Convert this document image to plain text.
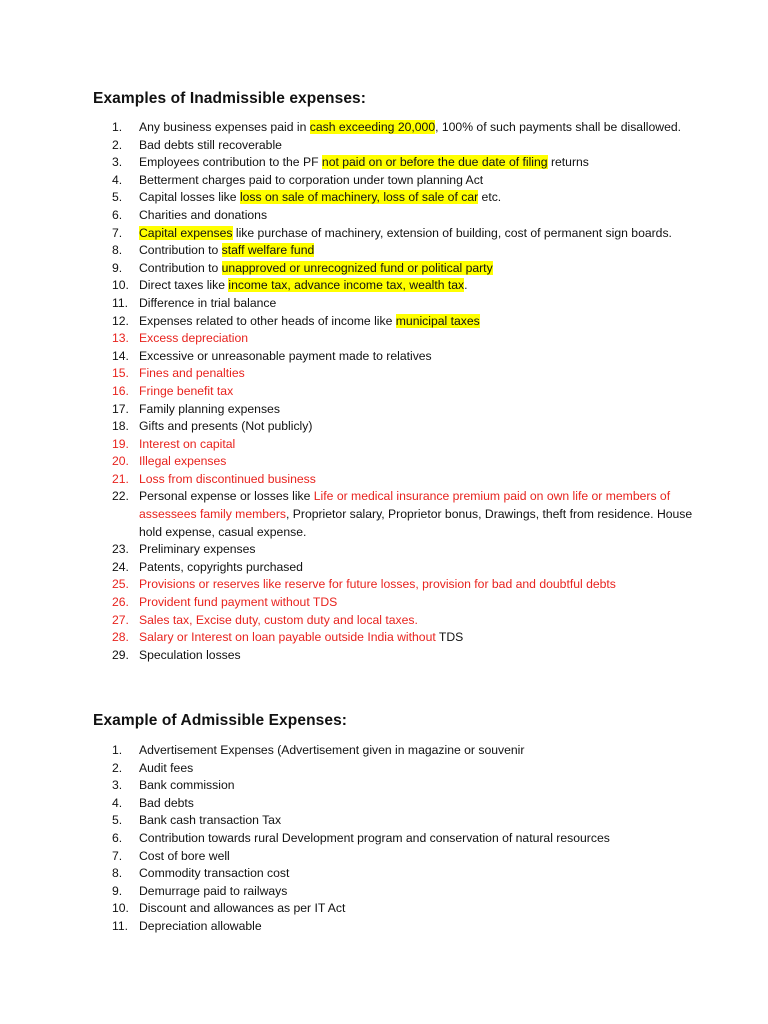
Examples of Inadmissible expenses:
1.	Any business expenses paid in cash exceeding 20,000, 100% of such payments shall be disallowed.
2.	Bad debts still recoverable
3.	Employees contribution to the PF not paid on or before the due date of filing returns
4.	Betterment charges paid to corporation under town planning Act
5.	Capital losses like loss on sale of machinery, loss of sale of car etc.
6.	Charities and donations
7.	Capital expenses like purchase of machinery, extension of building, cost of permanent sign boards.
8.	Contribution to staff welfare fund
9.	Contribution to unapproved or unrecognized fund or political party
10. Direct taxes like income tax, advance income tax, wealth tax.
11. Difference in trial balance
12. Expenses related to other heads of income like municipal taxes
13. Excess depreciation
14. Excessive or unreasonable payment made to relatives
15. Fines and penalties
16. Fringe benefit tax
17. Family planning expenses
18. Gifts and presents (Not publicly)
19. Interest on capital
20. Illegal expenses
21. Loss from discontinued business
22. Personal expense or losses like Life or medical insurance premium paid on own life or members of assessees family members, Proprietor salary, Proprietor bonus, Drawings, theft from residence. House hold expense, casual expense.
23. Preliminary expenses
24. Patents, copyrights purchased
25. Provisions or reserves like reserve for future losses, provision for bad and doubtful debts
26. Provident fund payment without TDS
27. Sales tax, Excise duty, custom duty and local taxes.
28. Salary or Interest on loan payable outside India without TDS
29. Speculation losses
Example of Admissible Expenses:
1.	Advertisement Expenses (Advertisement given in magazine or souvenir
2.	Audit fees
3.	Bank commission
4.	Bad debts
5.	Bank cash transaction Tax
6.	Contribution towards rural Development program and conservation of natural resources
7.	Cost of bore well
8.	Commodity transaction cost
9.	Demurrage paid to railways
10. Discount and allowances as per IT Act
11. Depreciation allowable
